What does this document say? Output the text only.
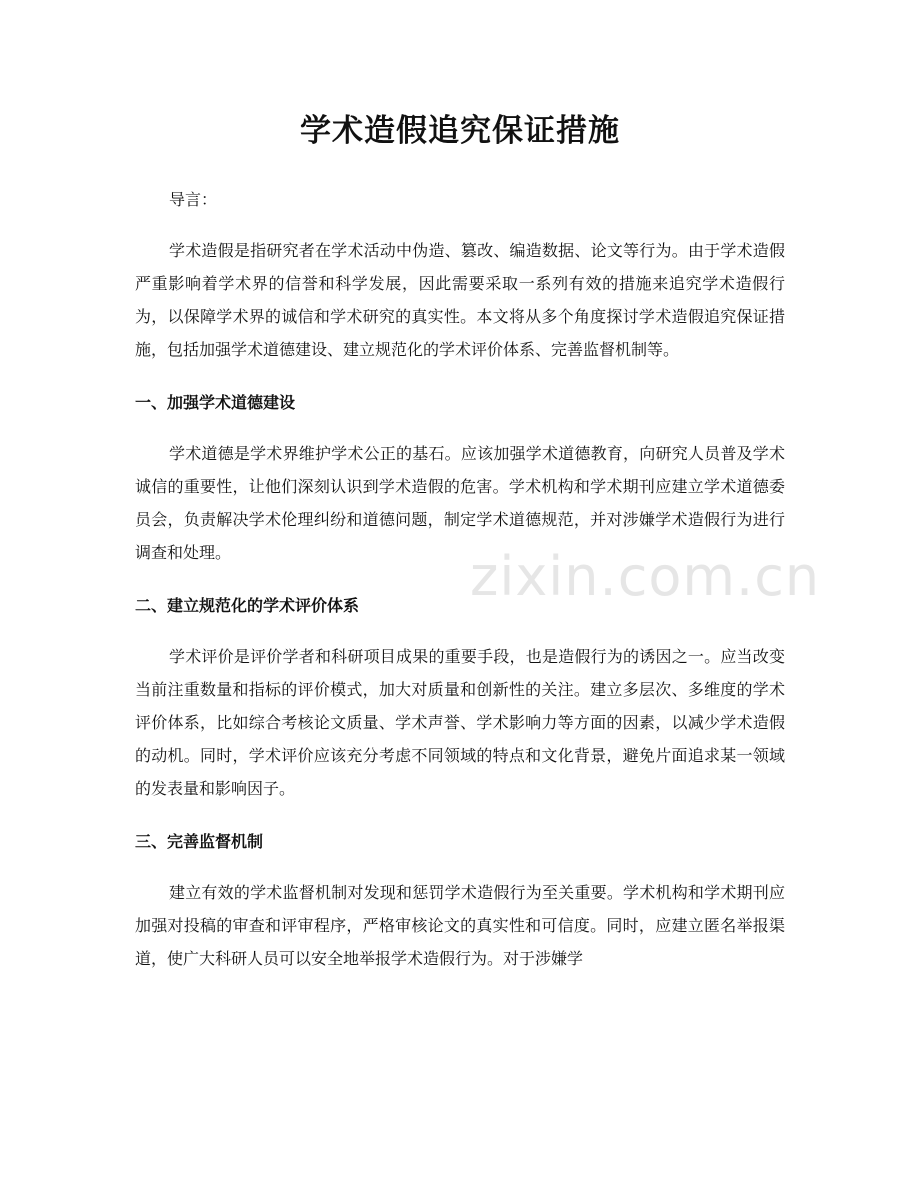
zixin.com.cn
学术造假追究保证措施

导言：

学术造假是指研究者在学术活动中伪造、篡改、编造数据、论文等行为。由于学术造假严重影响着学术界的信誉和科学发展，因此需要采取一系列有效的措施来追究学术造假行为，以保障学术界的诚信和学术研究的真实性。本文将从多个角度探讨学术造假追究保证措施，包括加强学术道德建设、建立规范化的学术评价体系、完善监督机制等。

一、加强学术道德建设

学术道德是学术界维护学术公正的基石。应该加强学术道德教育，向研究人员普及学术诚信的重要性，让他们深刻认识到学术造假的危害。学术机构和学术期刊应建立学术道德委员会，负责解决学术伦理纠纷和道德问题，制定学术道德规范，并对涉嫌学术造假行为进行调查和处理。

二、建立规范化的学术评价体系

学术评价是评价学者和科研项目成果的重要手段，也是造假行为的诱因之一。应当改变当前注重数量和指标的评价模式，加大对质量和创新性的关注。建立多层次、多维度的学术评价体系，比如综合考核论文质量、学术声誉、学术影响力等方面的因素，以减少学术造假的动机。同时，学术评价应该充分考虑不同领域的特点和文化背景，避免片面追求某一领域的发表量和影响因子。

三、完善监督机制

建立有效的学术监督机制对发现和惩罚学术造假行为至关重要。学术机构和学术期刊应加强对投稿的审查和评审程序，严格审核论文的真实性和可信度。同时，应建立匿名举报渠道，使广大科研人员可以安全地举报学术造假行为。对于涉嫌学
